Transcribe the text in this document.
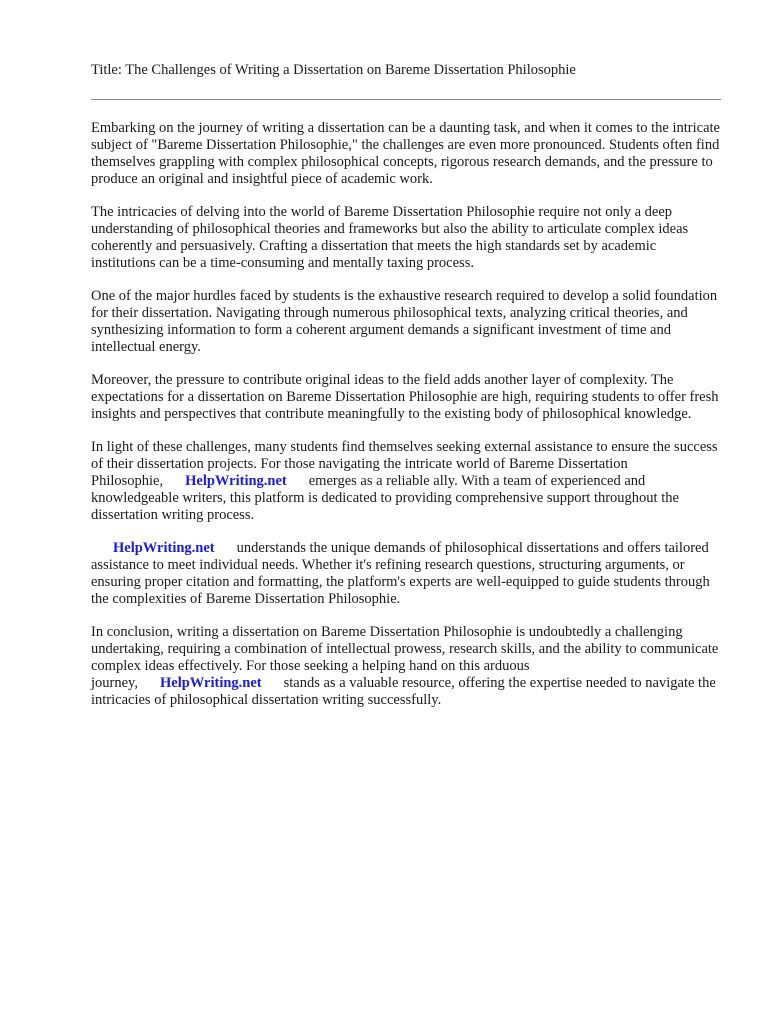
Title: The Challenges of Writing a Dissertation on Bareme Dissertation Philosophie

Embarking on the journey of writing a dissertation can be a daunting task, and when it comes to the intricate subject of "Bareme Dissertation Philosophie," the challenges are even more pronounced. Students often find themselves grappling with complex philosophical concepts, rigorous research demands, and the pressure to produce an original and insightful piece of academic work.

The intricacies of delving into the world of Bareme Dissertation Philosophie require not only a deep understanding of philosophical theories and frameworks but also the ability to articulate complex ideas coherently and persuasively. Crafting a dissertation that meets the high standards set by academic institutions can be a time-consuming and mentally taxing process.

One of the major hurdles faced by students is the exhaustive research required to develop a solid foundation for their dissertation. Navigating through numerous philosophical texts, analyzing critical theories, and synthesizing information to form a coherent argument demands a significant investment of time and intellectual energy.

Moreover, the pressure to contribute original ideas to the field adds another layer of complexity. The expectations for a dissertation on Bareme Dissertation Philosophie are high, requiring students to offer fresh insights and perspectives that contribute meaningfully to the existing body of philosophical knowledge.

In light of these challenges, many students find themselves seeking external assistance to ensure the success of their dissertation projects. For those navigating the intricate world of Bareme Dissertation Philosophie, HelpWriting.net emerges as a reliable ally. With a team of experienced and knowledgeable writers, this platform is dedicated to providing comprehensive support throughout the dissertation writing process.

HelpWriting.net understands the unique demands of philosophical dissertations and offers tailored assistance to meet individual needs. Whether it's refining research questions, structuring arguments, or ensuring proper citation and formatting, the platform's experts are well-equipped to guide students through the complexities of Bareme Dissertation Philosophie.

In conclusion, writing a dissertation on Bareme Dissertation Philosophie is undoubtedly a challenging undertaking, requiring a combination of intellectual prowess, research skills, and the ability to communicate complex ideas effectively. For those seeking a helping hand on this arduous journey, HelpWriting.net stands as a valuable resource, offering the expertise needed to navigate the intricacies of philosophical dissertation writing successfully.
